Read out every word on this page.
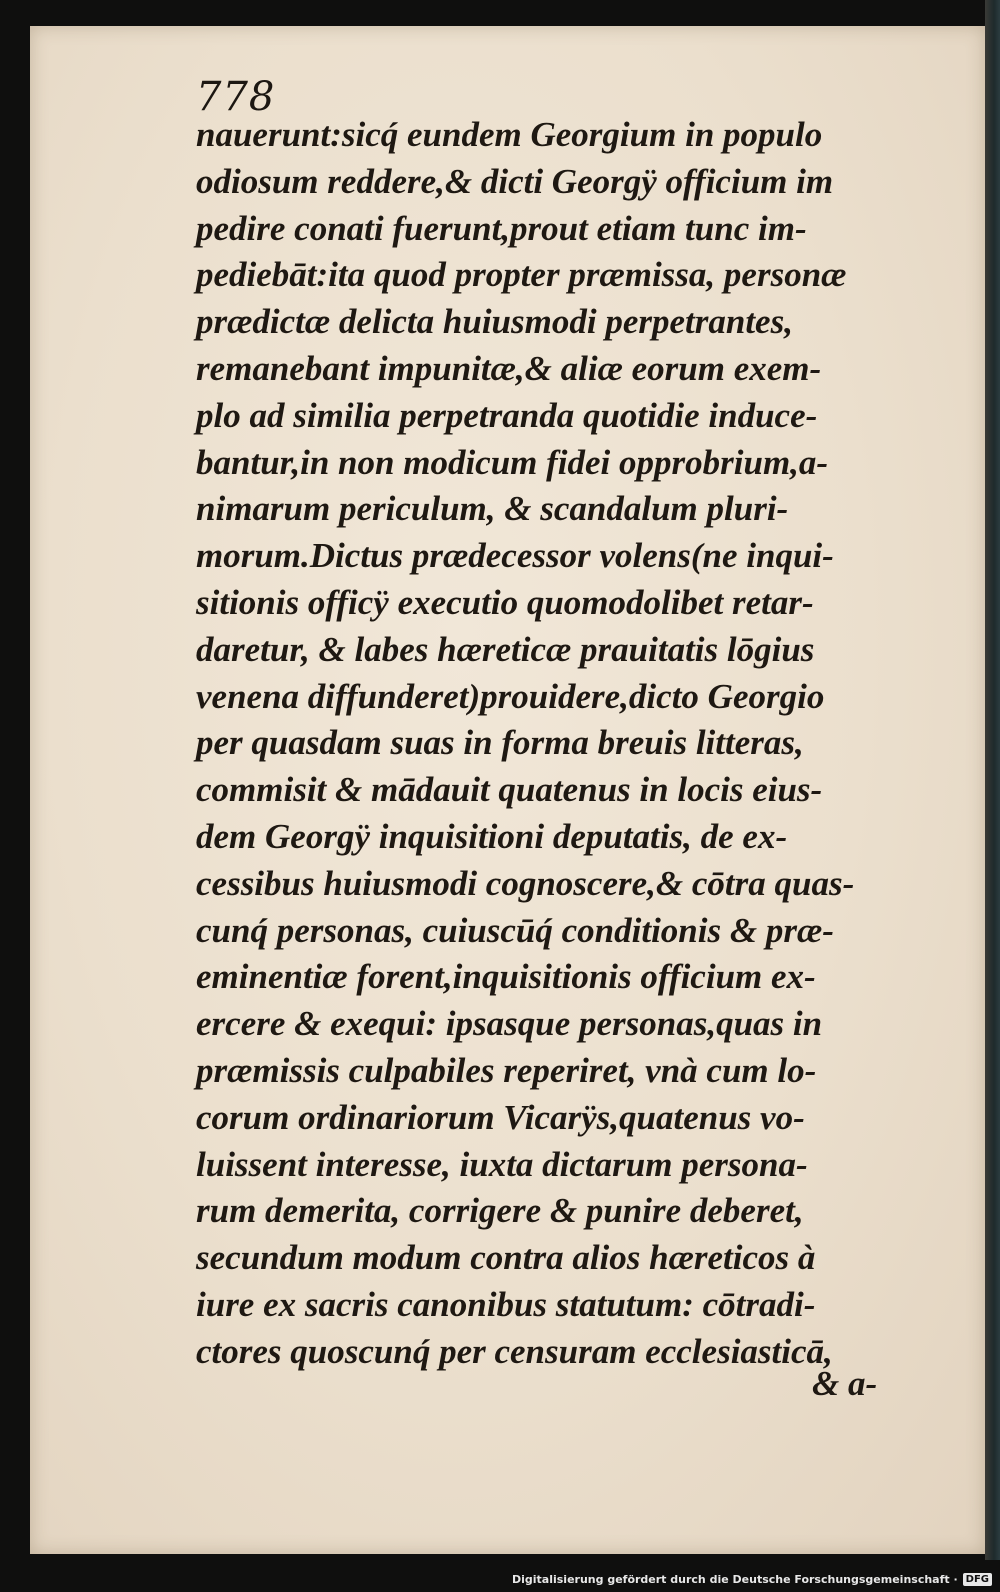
778
nauerunt:sicq́ eundem Georgium in populo
odiosum reddere,& dicti Georgÿ officium im
pedire conati fuerunt,prout etiam tunc im-
pediebāt:ita quod propter præmissa, personæ
prædictæ delicta huiusmodi perpetrantes,
remanebant impunitæ,& aliæ eorum exem-
plo ad similia perpetranda quotidie induce-
bantur,in non modicum fidei opprobrium,a-
nimarum periculum, & scandalum pluri-
morum.Dictus prædecessor volens(ne inqui-
sitionis officÿ executio quomodolibet retar-
daretur, & labes hæreticæ prauitatis lōgius
venena diffunderet)prouidere,dicto Georgio
per quasdam suas in forma breuis litteras,
commisit & mādauit quatenus in locis eius-
dem Georgÿ inquisitioni deputatis, de ex-
cessibus huiusmodi cognoscere,& cōtra quas-
cunq́ personas, cuiuscūq́ conditionis & præ-
eminentiæ forent,inquisitionis officium ex-
ercere & exequi: ipsasque personas,quas in
præmissis culpabiles reperiret, vnà cum lo-
corum ordinariorum Vicarÿs,quatenus vo-
luissent interesse, iuxta dictarum persona-
rum demerita, corrigere & punire deberet,
secundum modum contra alios hæreticos à
iure ex sacris canonibus statutum: cōtradi-
ctores quoscunq́ per censuram ecclesiasticā,
& a-
Digitalisierung gefördert durch die Deutsche Forschungsgemeinschaft · DFG
